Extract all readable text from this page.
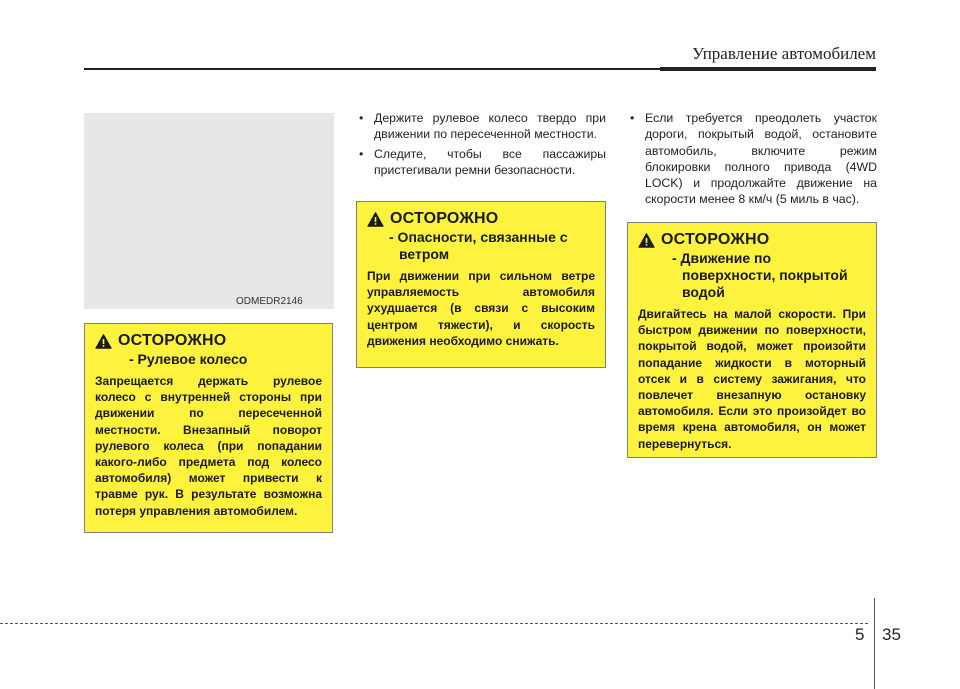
Управление автомобилем
ODMEDR2146
ОСТОРОЖНО
- Рулевое колесо
Запрещается держать рулевое колесо с внутренней стороны при движении по пересеченной местности. Внезапный поворот рулевого колеса (при попадании какого-либо предмета под колесо автомобиля) может привести к травме рук. В результате возможна потеря управления автомобилем.
• Держите рулевое колесо твердо при движении по пересеченной местности.
• Следите, чтобы все пассажиры пристегивали ремни безопасности.
ОСТОРОЖНО
- Опасности, связанные с ветром
При движении при сильном ветре управляемость автомобиля ухудшается (в связи с высоким центром тяжести), и скорость движения необходимо снижать.
• Если требуется преодолеть участок дороги, покрытый водой, остановите автомобиль, включите режим блокировки полного привода (4WD LOCK) и продолжайте движение на скорости менее 8 км/ч (5 миль в час).
ОСТОРОЖНО
- Движение по поверхности, покрытой водой
Двигайтесь на малой скорости. При быстром движении по поверхности, покрытой водой, может произойти попадание жидкости в моторный отсек и в систему зажигания, что повлечет внезапную остановку автомобиля. Если это произойдет во время крена автомобиля, он может перевернуться.
5 35
